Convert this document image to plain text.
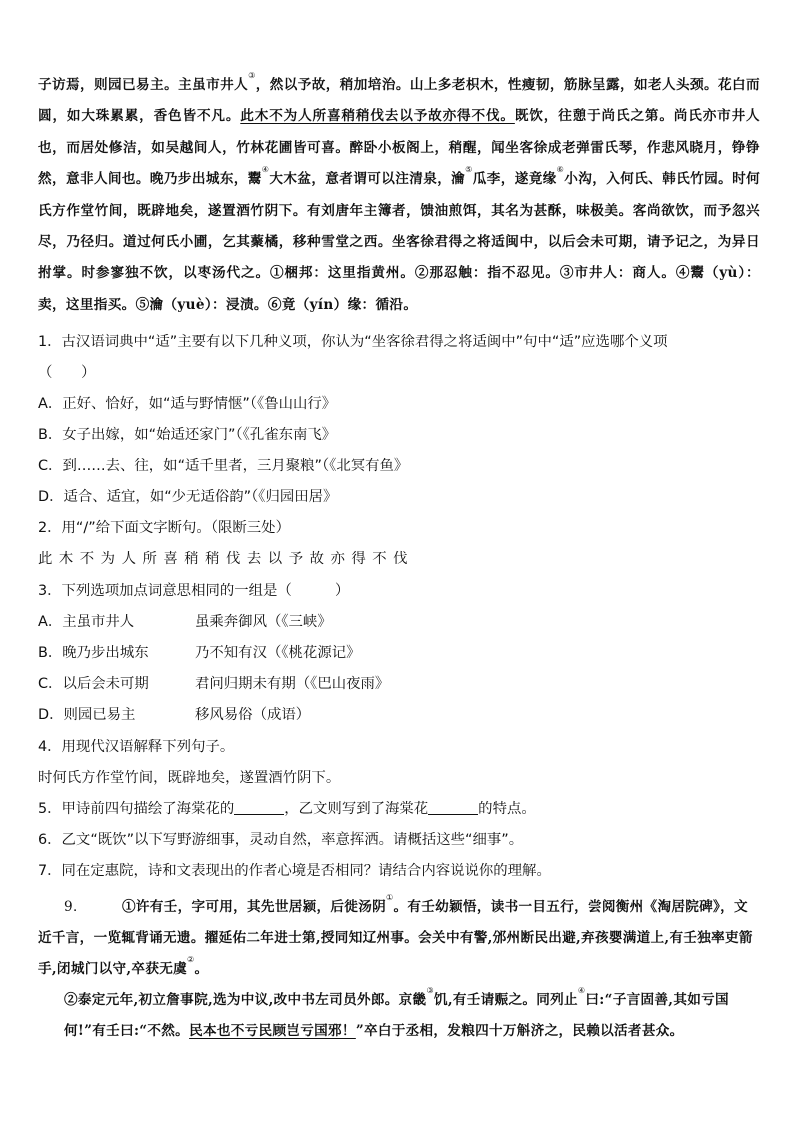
子访焉，则园已易主。主虽市井人③，然以予故，稍加培治。山上多老枳木，性瘦韧，筋脉呈露，如老人头颈。花白而圆，如大珠累累，香色皆不凡。此木不为人所喜稍稍伐去以予故亦得不伐。既饮，往憩于尚氏之第。尚氏亦市井人也，而居处修洁，如吴越间人，竹林花圃皆可喜。醉卧小板阁上，稍醒，闻坐客徐成老弹雷氏琴，作悲风晓月，铮铮然，意非人间也。晚乃步出城东，鬻④大木盆，意者谓可以注清泉，瀹⑤瓜李，遂竟缘⑥小沟，入何氏、韩氏竹园。时何氏方作堂竹间，既辟地矣，遂置酒竹阴下。有刘唐年主簿者，馈油煎饵，其名为甚酥，味极美。客尚欲饮，而予忽兴尽，乃径归。道过何氏小圃，乞其藂橘，移种雪堂之西。坐客徐君得之将适闽中，以后会未可期，请予记之，为异日拊掌。时参寥独不饮，以枣汤代之。①梱邦：这里指黄州。②那忍触：指不忍见。③市井人：商人。④鬻（yù）：卖，这里指买。⑤瀹（yuè）：浸渍。⑥竟（yín）缘：循沿。
1．古汉语词典中“适”主要有以下几种义项，你认为“坐客徐君得之将适闽中”句中“适”应选哪个义项
（　　）
A．正好、恰好，如“适与野情惬”（《鲁山山行》
B．女子出嫁，如“始适还家门”（《孔雀东南飞》
C．到……去、往，如“适千里者，三月聚粮”（《北冥有鱼》
D．适合、适宜，如“少无适俗韵”（《归园田居》
2．用“/”给下面文字断句。（限断三处）
此木不为人所喜稍稍伐去以予故亦得不伐
3．下列选项加点词意思相同的一组是（　　　）
A．主虽市井人	虽乘奔御风（《三峡》
B．晚乃步出城东	乃不知有汉（《桃花源记》
C．以后会未可期	君问归期未有期（《巴山夜雨》
D．则园已易主	移风易俗（成语）
4．用现代汉语解释下列句子。
时何氏方作堂竹间，既辟地矣，遂置酒竹阴下。
5．甲诗前四句描绘了海棠花的	，乙文则写到了海棠花	的特点。
6．乙文“既饮”以下写野游细事，灵动自然，率意挥洒。请概括这些“细事”。
7．同在定惠院，诗和文表现出的作者心境是否相同？请结合内容说说你的理解。
9．	①许有壬，字可用，其先世居颍，后徙汤阴①。有壬幼颖悟，读书一目五行，尝阅衡州《淘居院碑》，文近千言，一览辄背诵无遗。擢延佑二年进士第,授同知辽州事。会关中有警,邠州断民出避,弃孩婴满道上,有壬独率吏箭手,闭城门以守,卒获无虞②。
②泰定元年,初立詹事院,选为中议,改中书左司员外郎。京畿③饥,有壬请赈之。同列止④曰:“子言固善,其如亏国何!”有壬曰:“不然。民本也不亏民顾岂亏国邪！”卒白于丞相，发粮四十万斛济之，民赖以活者甚众。
